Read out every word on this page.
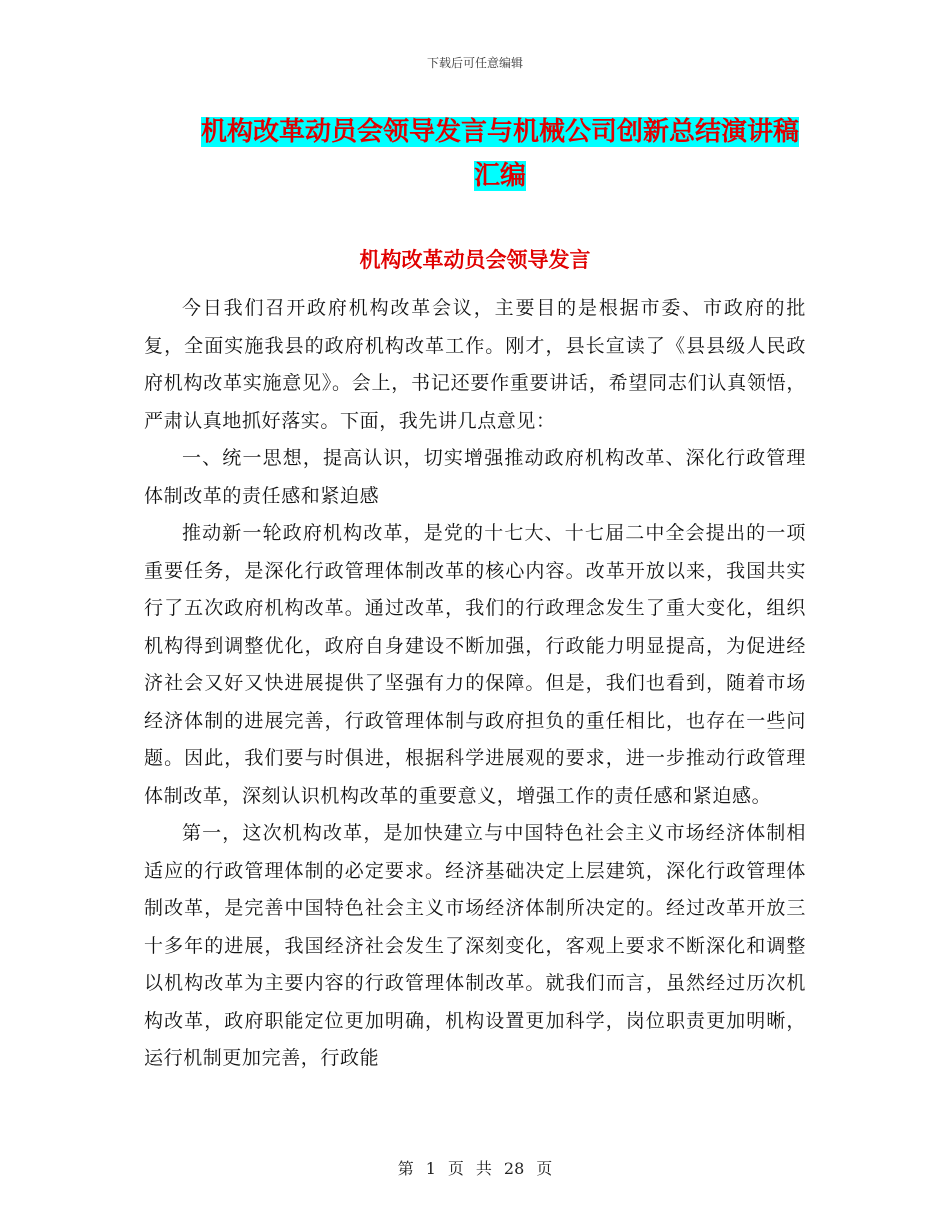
下载后可任意编辑
机构改革动员会领导发言与机械公司创新总结演讲稿
汇编
机构改革动员会领导发言

今日我们召开政府机构改革会议，主要目的是根据市委、市政府的批复，全面实施我县的政府机构改革工作。刚才，县长宣读了《县县级人民政府机构改革实施意见》。会上，书记还要作重要讲话，希望同志们认真领悟，严肃认真地抓好落实。下面，我先讲几点意见：

一、统一思想，提高认识，切实增强推动政府机构改革、深化行政管理体制改革的责任感和紧迫感

推动新一轮政府机构改革，是党的十七大、十七届二中全会提出的一项重要任务，是深化行政管理体制改革的核心内容。改革开放以来，我国共实行了五次政府机构改革。通过改革，我们的行政理念发生了重大变化，组织机构得到调整优化，政府自身建设不断加强，行政能力明显提高，为促进经济社会又好又快进展提供了坚强有力的保障。但是，我们也看到，随着市场经济体制的进展完善，行政管理体制与政府担负的重任相比，也存在一些问题。因此，我们要与时俱进，根据科学进展观的要求，进一步推动行政管理体制改革，深刻认识机构改革的重要意义，增强工作的责任感和紧迫感。

第一，这次机构改革，是加快建立与中国特色社会主义市场经济体制相适应的行政管理体制的必定要求。经济基础决定上层建筑，深化行政管理体制改革，是完善中国特色社会主义市场经济体制所决定的。经过改革开放三十多年的进展，我国经济社会发生了深刻变化，客观上要求不断深化和调整以机构改革为主要内容的行政管理体制改革。就我们而言，虽然经过历次机构改革，政府职能定位更加明确，机构设置更加科学，岗位职责更加明晰，运行机制更加完善，行政能

第 1 页 共 28 页
